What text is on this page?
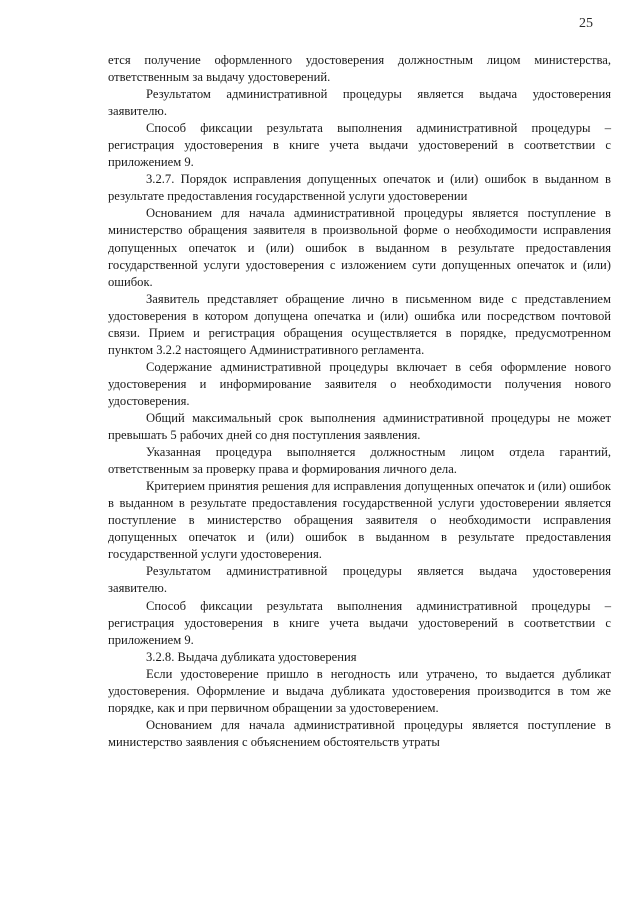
25

ется получение оформленного удостоверения должностным лицом министерства, ответственным за выдачу удостоверений.

Результатом административной процедуры является выдача удостоверения заявителю.

Способ фиксации результата выполнения административной процедуры – регистрация удостоверения в книге учета выдачи удостоверений в соответствии с приложением 9.

3.2.7. Порядок исправления допущенных опечаток и (или) ошибок в выданном в результате предоставления государственной услуги удостоверении

Основанием для начала административной процедуры является поступление в министерство обращения заявителя в произвольной форме о необходимости исправления допущенных опечаток и (или) ошибок в выданном в результате предоставления государственной услуги удостоверения с изложением сути допущенных опечаток и (или) ошибок.

Заявитель представляет обращение лично в письменном виде с представлением удостоверения в котором допущена опечатка и (или) ошибка или посредством почтовой связи. Прием и регистрация обращения осуществляется в порядке, предусмотренном пунктом 3.2.2 настоящего Административного регламента.

Содержание административной процедуры включает в себя оформление нового удостоверения и информирование заявителя о необходимости получения нового удостоверения.

Общий максимальный срок выполнения административной процедуры не может превышать 5 рабочих дней со дня поступления заявления.

Указанная процедура выполняется должностным лицом отдела гарантий, ответственным за проверку права и формирования личного дела.

Критерием принятия решения для исправления допущенных опечаток и (или) ошибок в выданном в результате предоставления государственной услуги удостоверении является поступление в министерство обращения заявителя о необходимости исправления допущенных опечаток и (или) ошибок в выданном в результате предоставления государственной услуги удостоверения.

Результатом административной процедуры является выдача удостоверения заявителю.

Способ фиксации результата выполнения административной процедуры – регистрация удостоверения в книге учета выдачи удостоверений в соответствии с приложением 9.

3.2.8. Выдача дубликата удостоверения

Если удостоверение пришло в негодность или утрачено, то выдается дубликат удостоверения. Оформление и выдача дубликата удостоверения производится в том же порядке, как и при первичном обращении за удостоверением.

Основанием для начала административной процедуры является поступление в министерство заявления с объяснением обстоятельств утраты
